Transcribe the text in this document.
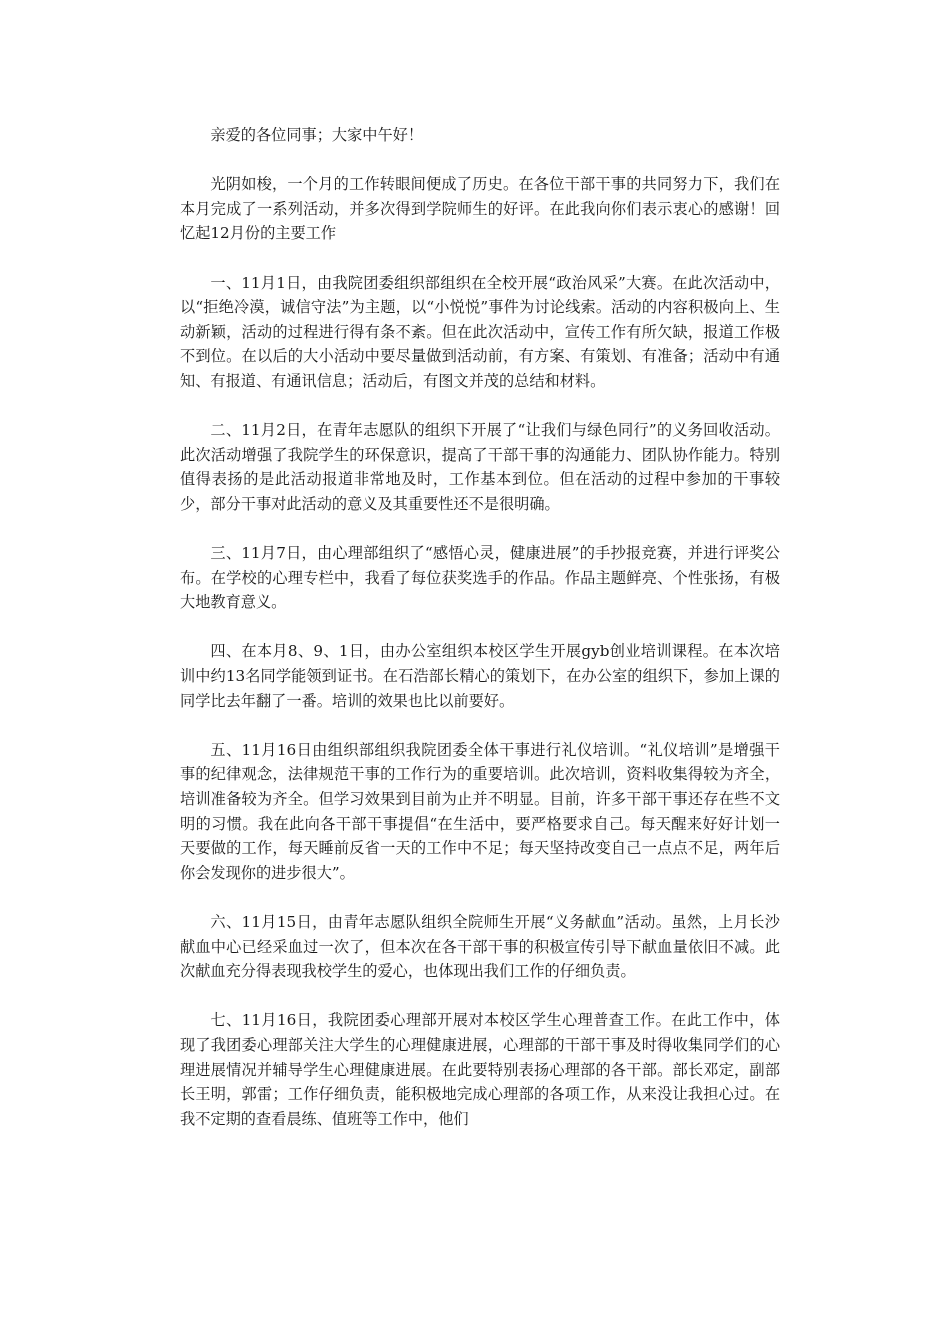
亲爱的各位同事；大家中午好！

光阴如梭，一个月的工作转眼间便成了历史。在各位干部干事的共同努力下，我们在本月完成了一系列活动，并多次得到学院师生的好评。在此我向你们表示衷心的感谢！回忆起12月份的主要工作

一、11月1日，由我院团委组织部组织在全校开展“政治风采”大赛。在此次活动中，以“拒绝冷漠，诚信守法”为主题，以“小悦悦”事件为讨论线索。活动的内容积极向上、生动新颖，活动的过程进行得有条不紊。但在此次活动中，宣传工作有所欠缺，报道工作极不到位。在以后的大小活动中要尽量做到活动前，有方案、有策划、有准备；活动中有通知、有报道、有通讯信息；活动后，有图文并茂的总结和材料。

二、11月2日，在青年志愿队的组织下开展了“让我们与绿色同行”的义务回收活动。此次活动增强了我院学生的环保意识，提高了干部干事的沟通能力、团队协作能力。特别值得表扬的是此活动报道非常地及时，工作基本到位。但在活动的过程中参加的干事较少，部分干事对此活动的意义及其重要性还不是很明确。

三、11月7日，由心理部组织了“感悟心灵，健康进展”的手抄报竞赛，并进行评奖公布。在学校的心理专栏中，我看了每位获奖选手的作品。作品主题鲜亮、个性张扬，有极大地教育意义。

四、在本月8、9、1日，由办公室组织本校区学生开展gyb创业培训课程。在本次培训中约13名同学能领到证书。在石浩部长精心的策划下，在办公室的组织下，参加上课的同学比去年翻了一番。培训的效果也比以前要好。

五、11月16日由组织部组织我院团委全体干事进行礼仪培训。“礼仪培训”是增强干事的纪律观念，法律规范干事的工作行为的重要培训。此次培训，资料收集得较为齐全，培训准备较为齐全。但学习效果到目前为止并不明显。目前，许多干部干事还存在些不文明的习惯。我在此向各干部干事提倡“在生活中，要严格要求自己。每天醒来好好计划一天要做的工作，每天睡前反省一天的工作中不足；每天坚持改变自己一点点不足，两年后你会发现你的进步很大”。

六、11月15日，由青年志愿队组织全院师生开展“义务献血”活动。虽然，上月长沙献血中心已经采血过一次了，但本次在各干部干事的积极宣传引导下献血量依旧不减。此次献血充分得表现我校学生的爱心，也体现出我们工作的仔细负责。

七、11月16日，我院团委心理部开展对本校区学生心理普查工作。在此工作中，体现了我团委心理部关注大学生的心理健康进展，心理部的干部干事及时得收集同学们的心理进展情况并辅导学生心理健康进展。在此要特别表扬心理部的各干部。部长邓定，副部长王明，郭雷；工作仔细负责，能积极地完成心理部的各项工作，从来没让我担心过。在我不定期的查看晨练、值班等工作中，他们
